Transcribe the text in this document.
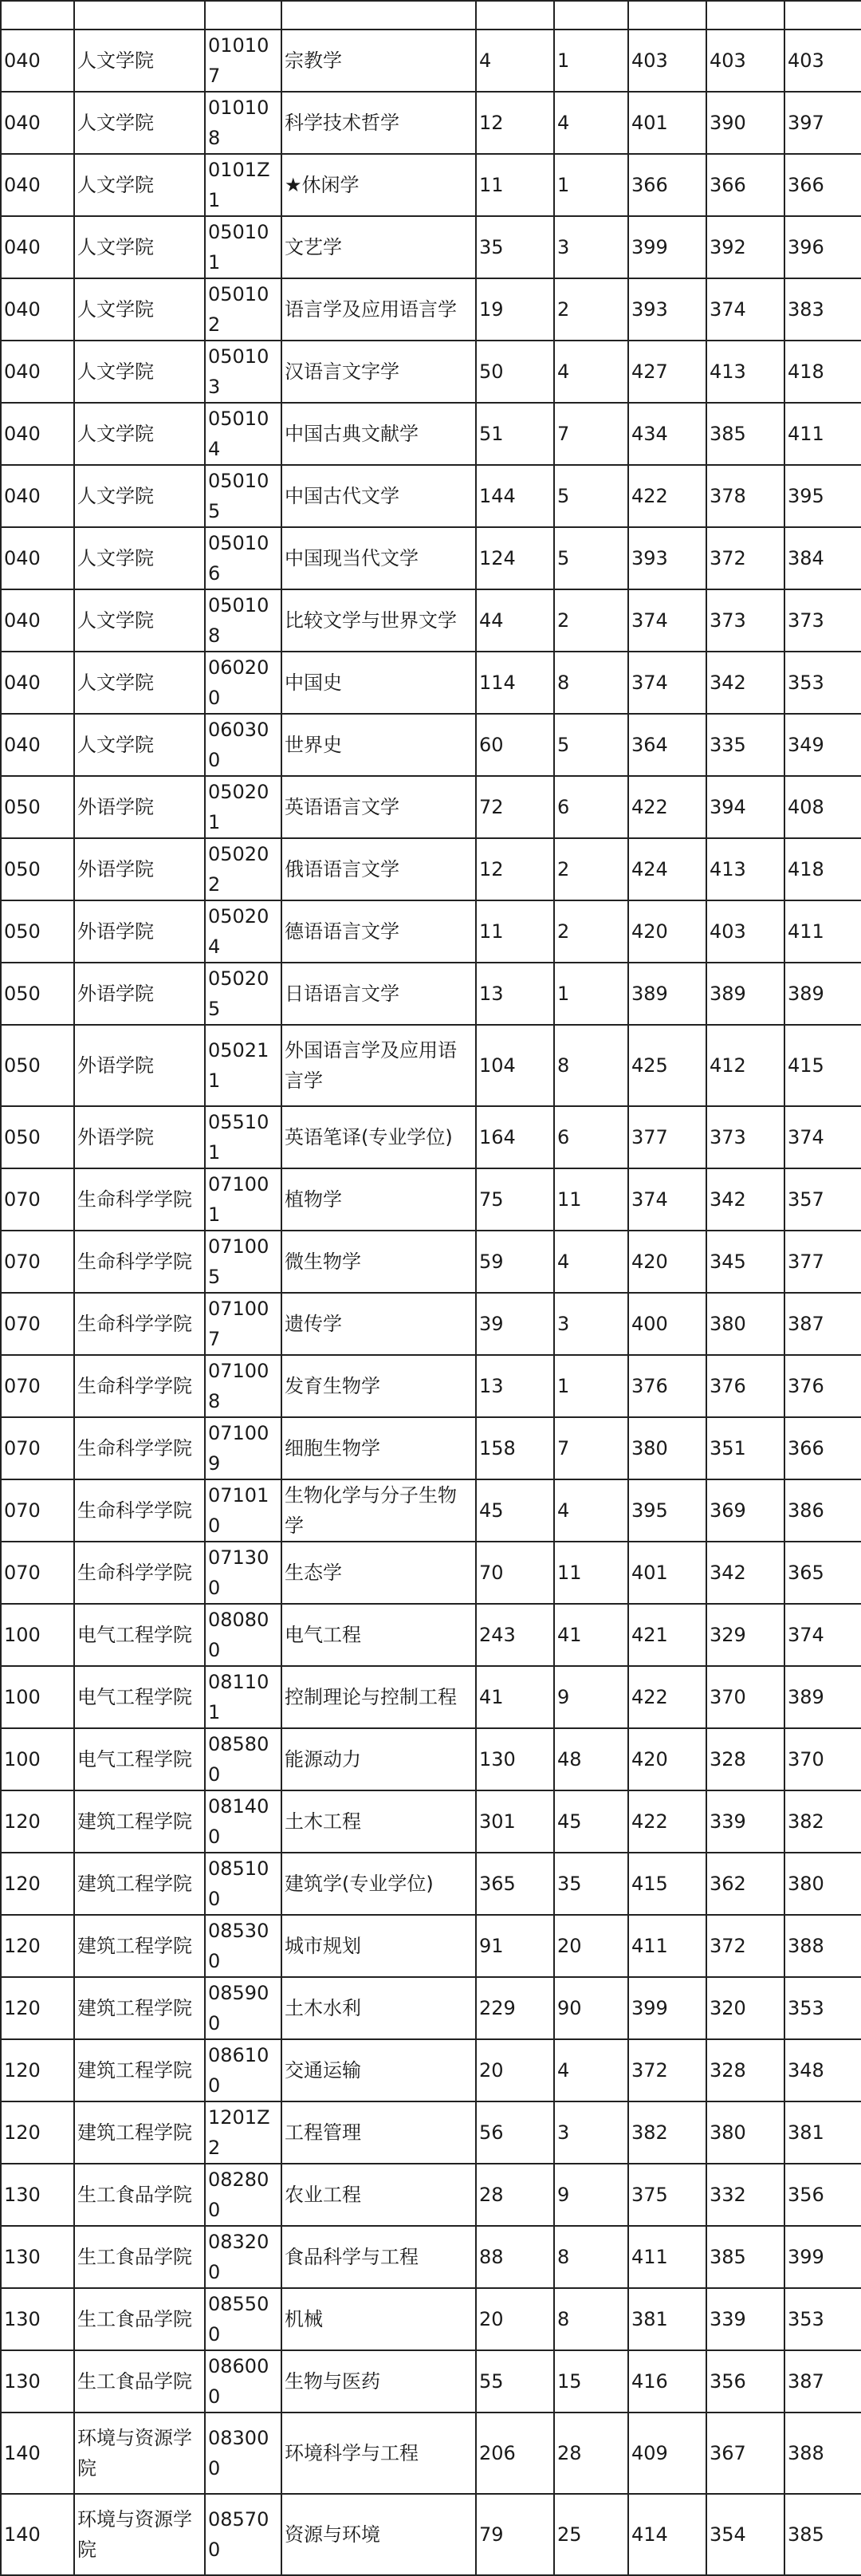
040	人文学院	010107	宗教学	4	1	403	403	403
040	人文学院	010108	科学技术哲学	12	4	401	390	397
040	人文学院	0101Z1	★休闲学	11	1	366	366	366
040	人文学院	050101	文艺学	35	3	399	392	396
040	人文学院	050102	语言学及应用语言学	19	2	393	374	383
040	人文学院	050103	汉语言文字学	50	4	427	413	418
040	人文学院	050104	中国古典文献学	51	7	434	385	411
040	人文学院	050105	中国古代文学	144	5	422	378	395
040	人文学院	050106	中国现当代文学	124	5	393	372	384
040	人文学院	050108	比较文学与世界文学	44	2	374	373	373
040	人文学院	060200	中国史	114	8	374	342	353
040	人文学院	060300	世界史	60	5	364	335	349
050	外语学院	050201	英语语言文学	72	6	422	394	408
050	外语学院	050202	俄语语言文学	12	2	424	413	418
050	外语学院	050204	德语语言文学	11	2	420	403	411
050	外语学院	050205	日语语言文学	13	1	389	389	389
050	外语学院	050211	外国语言学及应用语言学	104	8	425	412	415
050	外语学院	055101	英语笔译(专业学位)	164	6	377	373	374
070	生命科学学院	071001	植物学	75	11	374	342	357
070	生命科学学院	071005	微生物学	59	4	420	345	377
070	生命科学学院	071007	遗传学	39	3	400	380	387
070	生命科学学院	071008	发育生物学	13	1	376	376	376
070	生命科学学院	071009	细胞生物学	158	7	380	351	366
070	生命科学学院	071010	生物化学与分子生物学	45	4	395	369	386
070	生命科学学院	071300	生态学	70	11	401	342	365
100	电气工程学院	080800	电气工程	243	41	421	329	374
100	电气工程学院	081101	控制理论与控制工程	41	9	422	370	389
100	电气工程学院	085800	能源动力	130	48	420	328	370
120	建筑工程学院	081400	土木工程	301	45	422	339	382
120	建筑工程学院	085100	建筑学(专业学位)	365	35	415	362	380
120	建筑工程学院	085300	城市规划	91	20	411	372	388
120	建筑工程学院	085900	土木水利	229	90	399	320	353
120	建筑工程学院	086100	交通运输	20	4	372	328	348
120	建筑工程学院	1201Z2	工程管理	56	3	382	380	381
130	生工食品学院	082800	农业工程	28	9	375	332	356
130	生工食品学院	083200	食品科学与工程	88	8	411	385	399
130	生工食品学院	085500	机械	20	8	381	339	353
130	生工食品学院	086000	生物与医药	55	15	416	356	387
140	环境与资源学院	083000	环境科学与工程	206	28	409	367	388
140	环境与资源学院	085700	资源与环境	79	25	414	354	385
